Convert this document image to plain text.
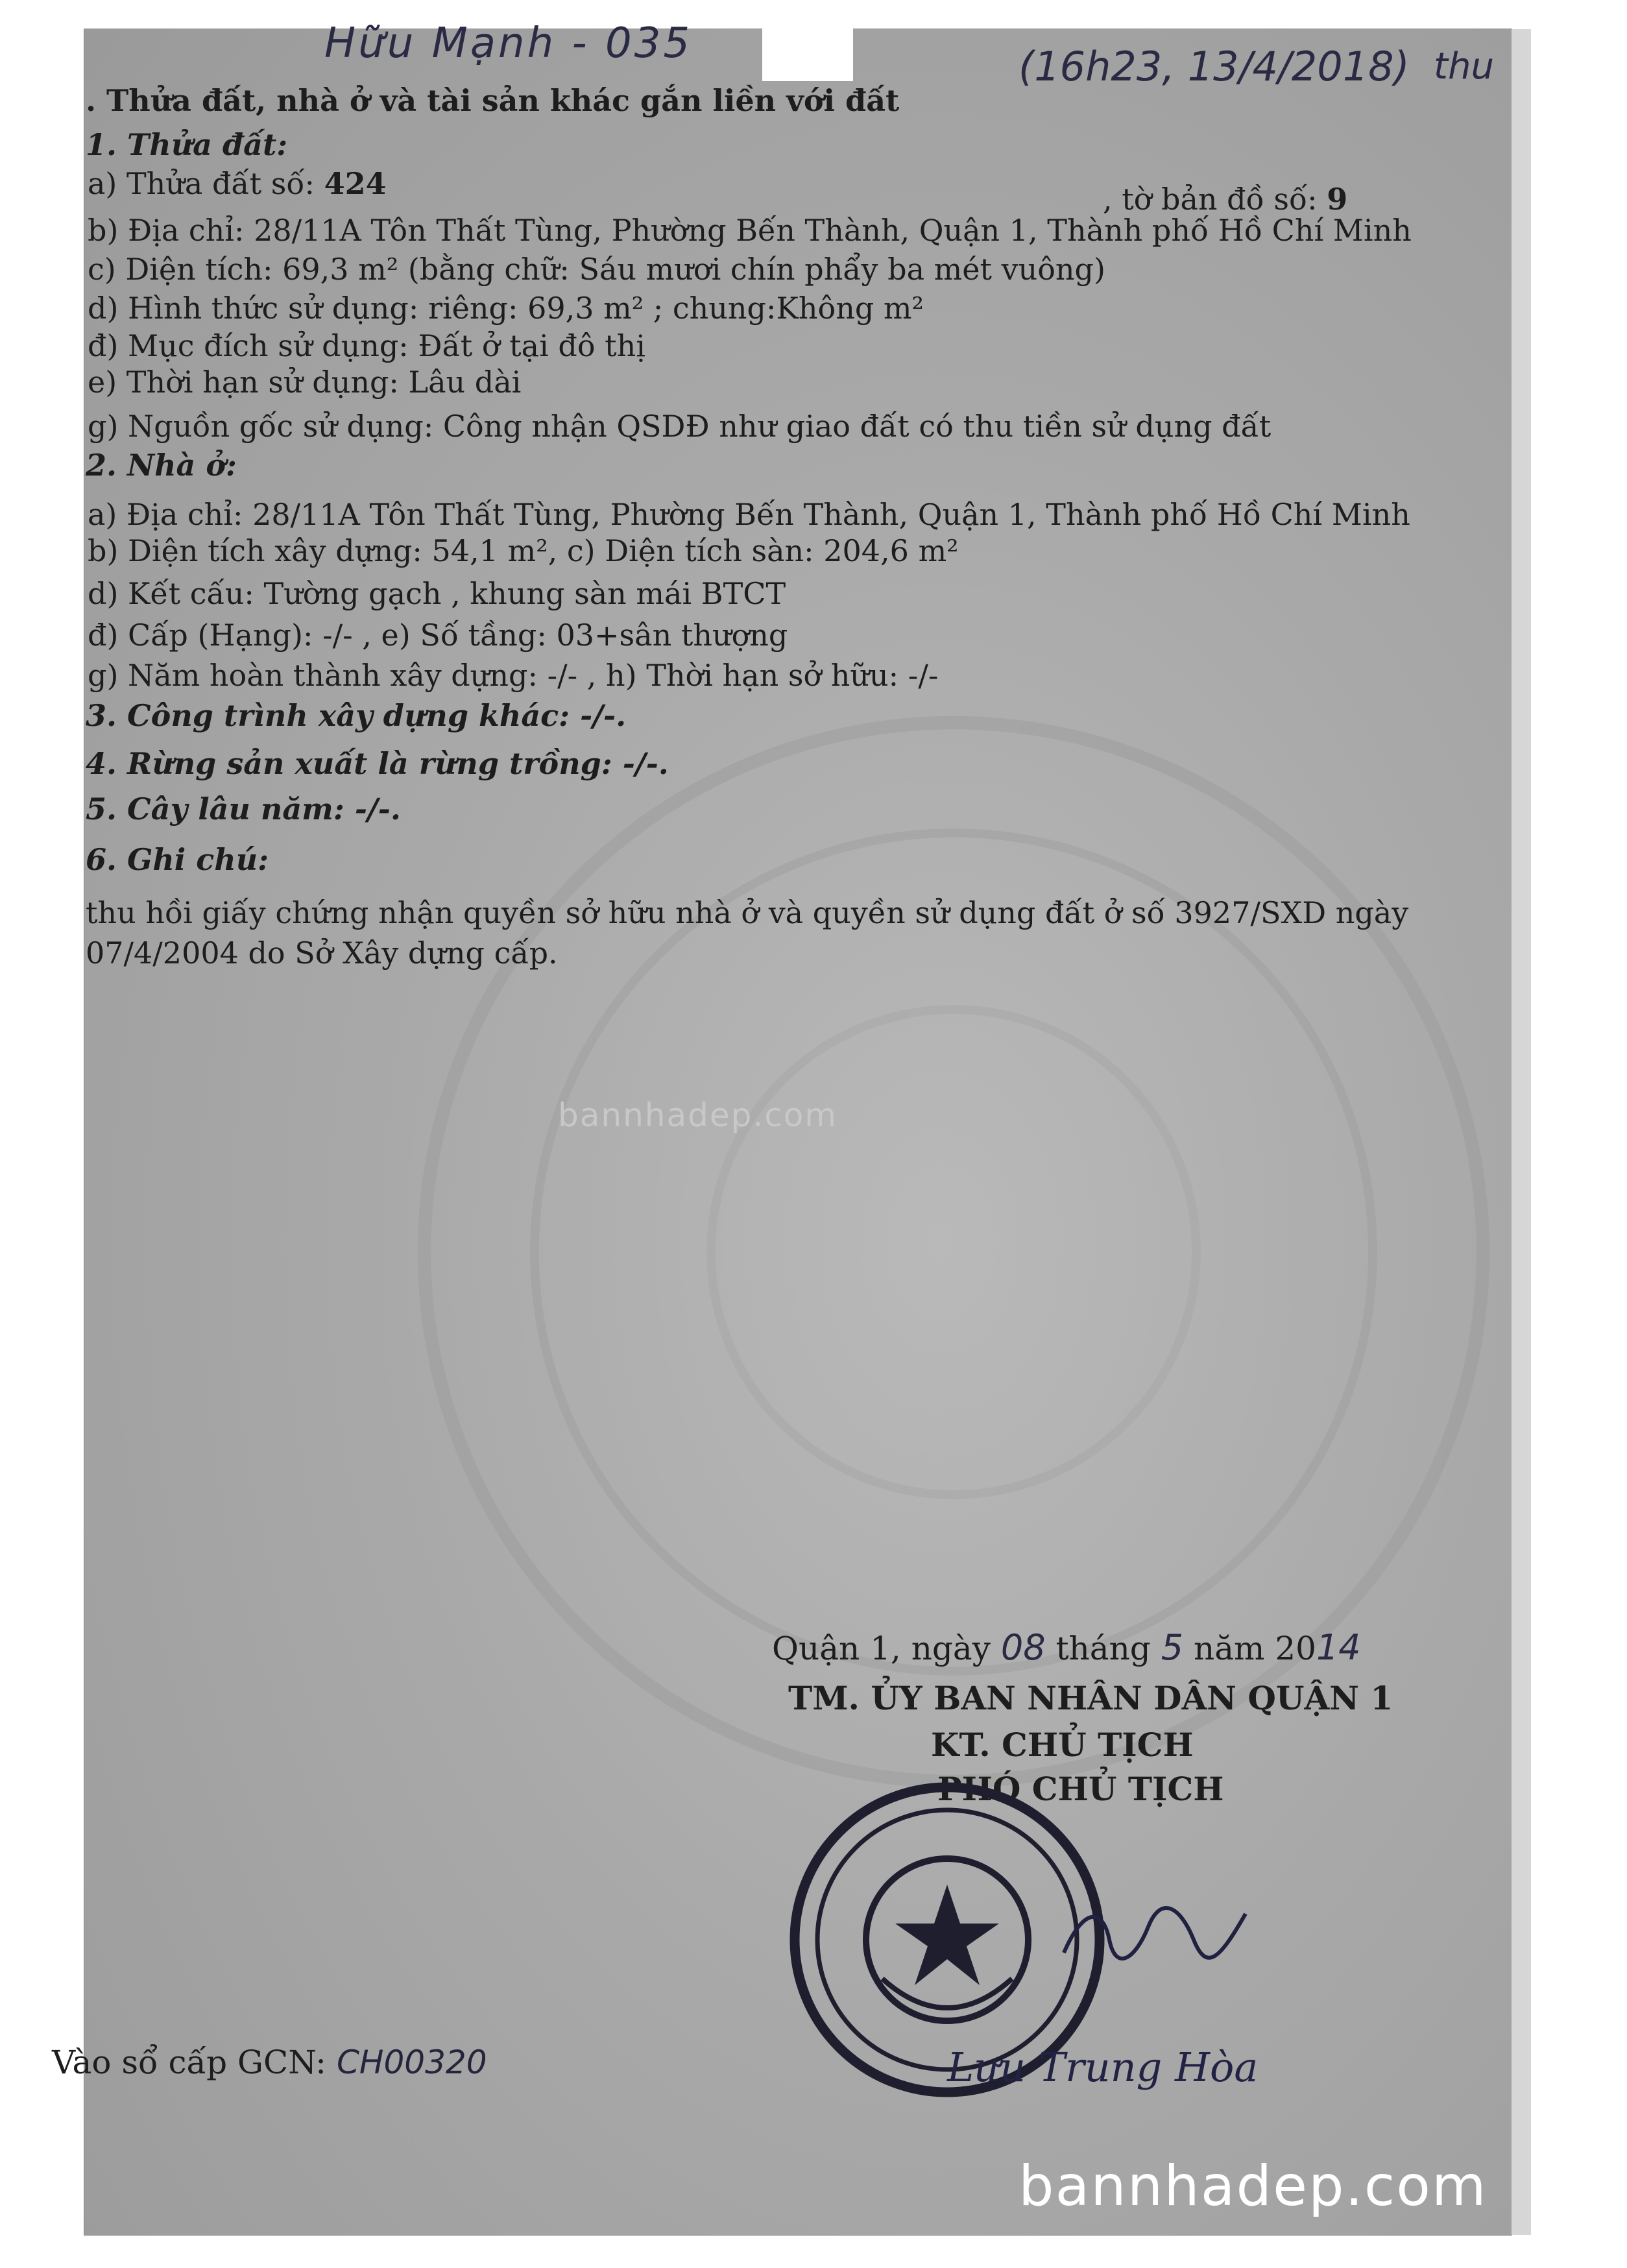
Hữu Mạnh - 035	(16h23, 13/4/2018) thu
. Thửa đất, nhà ở và tài sản khác gắn liền với đất
1. Thửa đất:
a) Thửa đất số: 424	, tờ bản đồ số: 9
b) Địa chỉ: 28/11A Tôn Thất Tùng, Phường Bến Thành, Quận 1, Thành phố Hồ Chí Minh
c) Diện tích: 69,3 m² (bằng chữ: Sáu mươi chín phẩy ba mét vuông)
d) Hình thức sử dụng: riêng: 69,3 m² ; chung:Không m²
đ) Mục đích sử dụng: Đất ở tại đô thị
e) Thời hạn sử dụng: Lâu dài
g) Nguồn gốc sử dụng: Công nhận QSDĐ như giao đất có thu tiền sử dụng đất
2. Nhà ở:
a) Địa chỉ: 28/11A Tôn Thất Tùng, Phường Bến Thành, Quận 1, Thành phố Hồ Chí Minh
b) Diện tích xây dựng: 54,1 m², c) Diện tích sàn: 204,6 m²
d) Kết cấu: Tường gạch , khung sàn mái BTCT
đ) Cấp (Hạng): -/- , e) Số tầng: 03+sân thượng
g) Năm hoàn thành xây dựng: -/- , h) Thời hạn sở hữu: -/-
3. Công trình xây dựng khác: -/-.
4. Rừng sản xuất là rừng trồng: -/-.
5. Cây lâu năm: -/-.
6. Ghi chú:
thu hồi giấy chứng nhận quyền sở hữu nhà ở và quyền sử dụng đất ở số 3927/SXD ngày
07/4/2004 do Sở Xây dựng cấp.
bannhadep.com
Quận 1, ngày 08 tháng 5 năm 2014
TM. ỦY BAN NHÂN DÂN QUẬN 1
KT. CHỦ TỊCH
PHÓ CHỦ TỊCH
Lưu Trung Hòa
Vào sổ cấp GCN: CH00320
bannhadep.com
